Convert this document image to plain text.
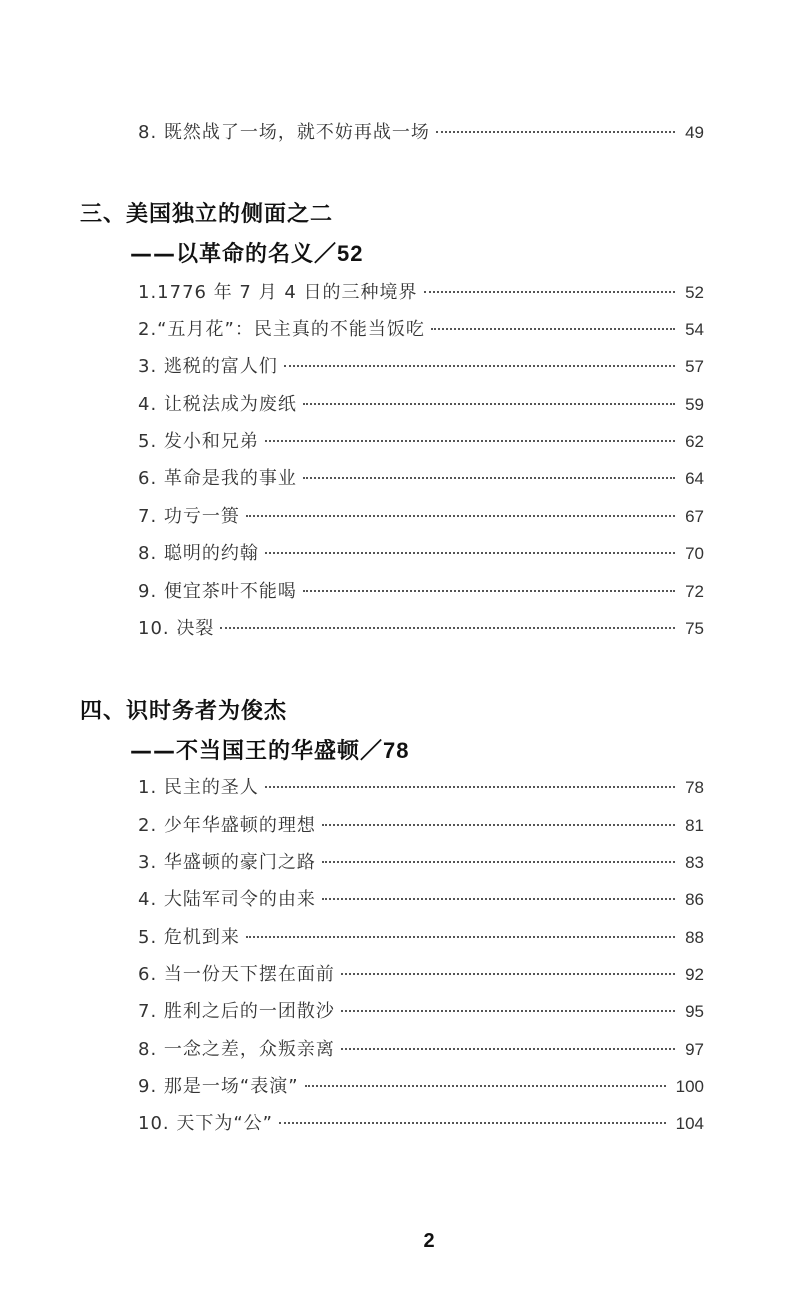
8. 既然战了一场，就不妨再战一场	49
三、美国独立的侧面之二
——以革命的名义／52
1.1776 年 7 月 4 日的三种境界	52
2.“五月花”：民主真的不能当饭吃	54
3. 逃税的富人们	57
4. 让税法成为废纸	59
5. 发小和兄弟	62
6. 革命是我的事业	64
7. 功亏一篑	67
8. 聪明的约翰	70
9. 便宜茶叶不能喝	72
10. 决裂	75
四、识时务者为俊杰
——不当国王的华盛顿／78
1. 民主的圣人	78
2. 少年华盛顿的理想	81
3. 华盛顿的豪门之路	83
4. 大陆军司令的由来	86
5. 危机到来	88
6. 当一份天下摆在面前	92
7. 胜利之后的一团散沙	95
8. 一念之差，众叛亲离	97
9. 那是一场“表演”	100
10. 天下为“公”	104
2
